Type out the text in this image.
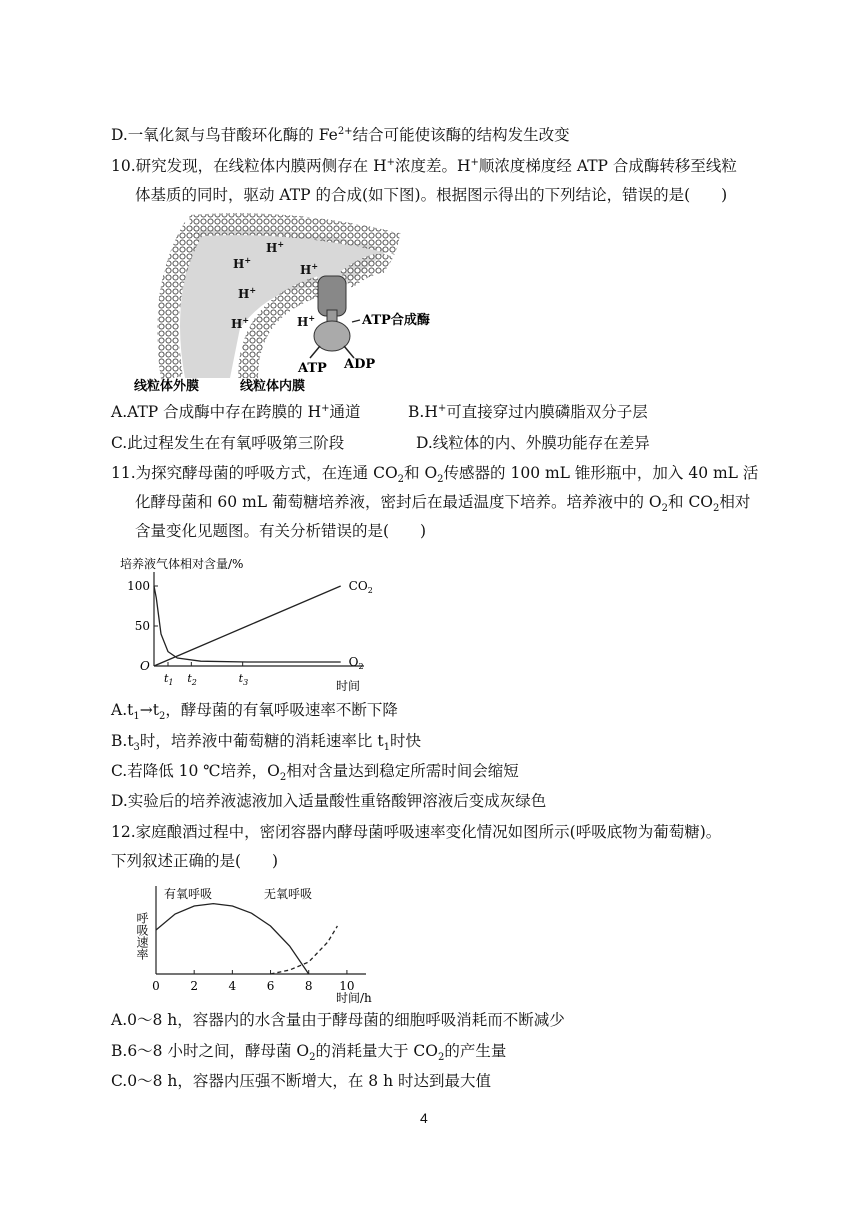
D.一氧化氮与鸟苷酸环化酶的 $Fe^{2+}$结合可能使该酶的结构发生改变
10.研究发现，在线粒体内膜两侧存在 H+浓度差。H+顺浓度梯度经 ATP 合成酶转移至线粒
体基质的同时，驱动 ATP 的合成(如下图)。根据图示得出的下列结论，错误的是(　　)
H+
H+
H+
H+
H+	H+	ATP合成酶
ATP ADP
线粒体外膜	线粒体内膜
A.ATP 合成酶中存在跨膜的 H+通道	B.H+可直接穿过内膜磷脂双分子层
C.此过程发生在有氧呼吸第三阶段	D.线粒体的内、外膜功能存在差异
11.为探究酵母菌的呼吸方式，在连通 $CO_2$和 $O_2$传感器的 100 mL 锥形瓶中，加入 40 mL 活
化酵母菌和 60 mL 葡萄糖培养液，密封后在最适温度下培养。培养液中的 $O_2$和 $CO_2$相对
含量变化见题图。有关分析错误的是(　　)
培养液气体相对含量/%
时间
O
100
50
$t_1$ $t_2$	$t_3$
$CO_2$
$O_2$
$A.t_1\to t_2$，酵母菌的有氧呼吸速率不断下降
$B.t_3$时，培养液中葡萄糖的消耗速率比 $t_1$时快
C.若降低 10 ℃培养，$O_2$相对含量达到稳定所需时间会缩短
D.实验后的培养液滤液加入适量酸性重铬酸钾溶液后变成灰绿色
12.家庭酿酒过程中，密闭容器内酵母菌呼吸速率变化情况如图所示(呼吸底物为葡萄糖)。
下列叙述正确的是(　　)
呼吸速率
时间/h
0	2	4	6	8 10
有氧呼吸	无氧呼吸
A.0～8 h，容器内的水含量由于酵母菌的细胞呼吸消耗而不断减少
B.6～8 小时之间，酵母菌 $O_2$的消耗量大于 $CO_2$的产生量
C.0～8 h，容器内压强不断增大，在 8 h 时达到最大值
4
